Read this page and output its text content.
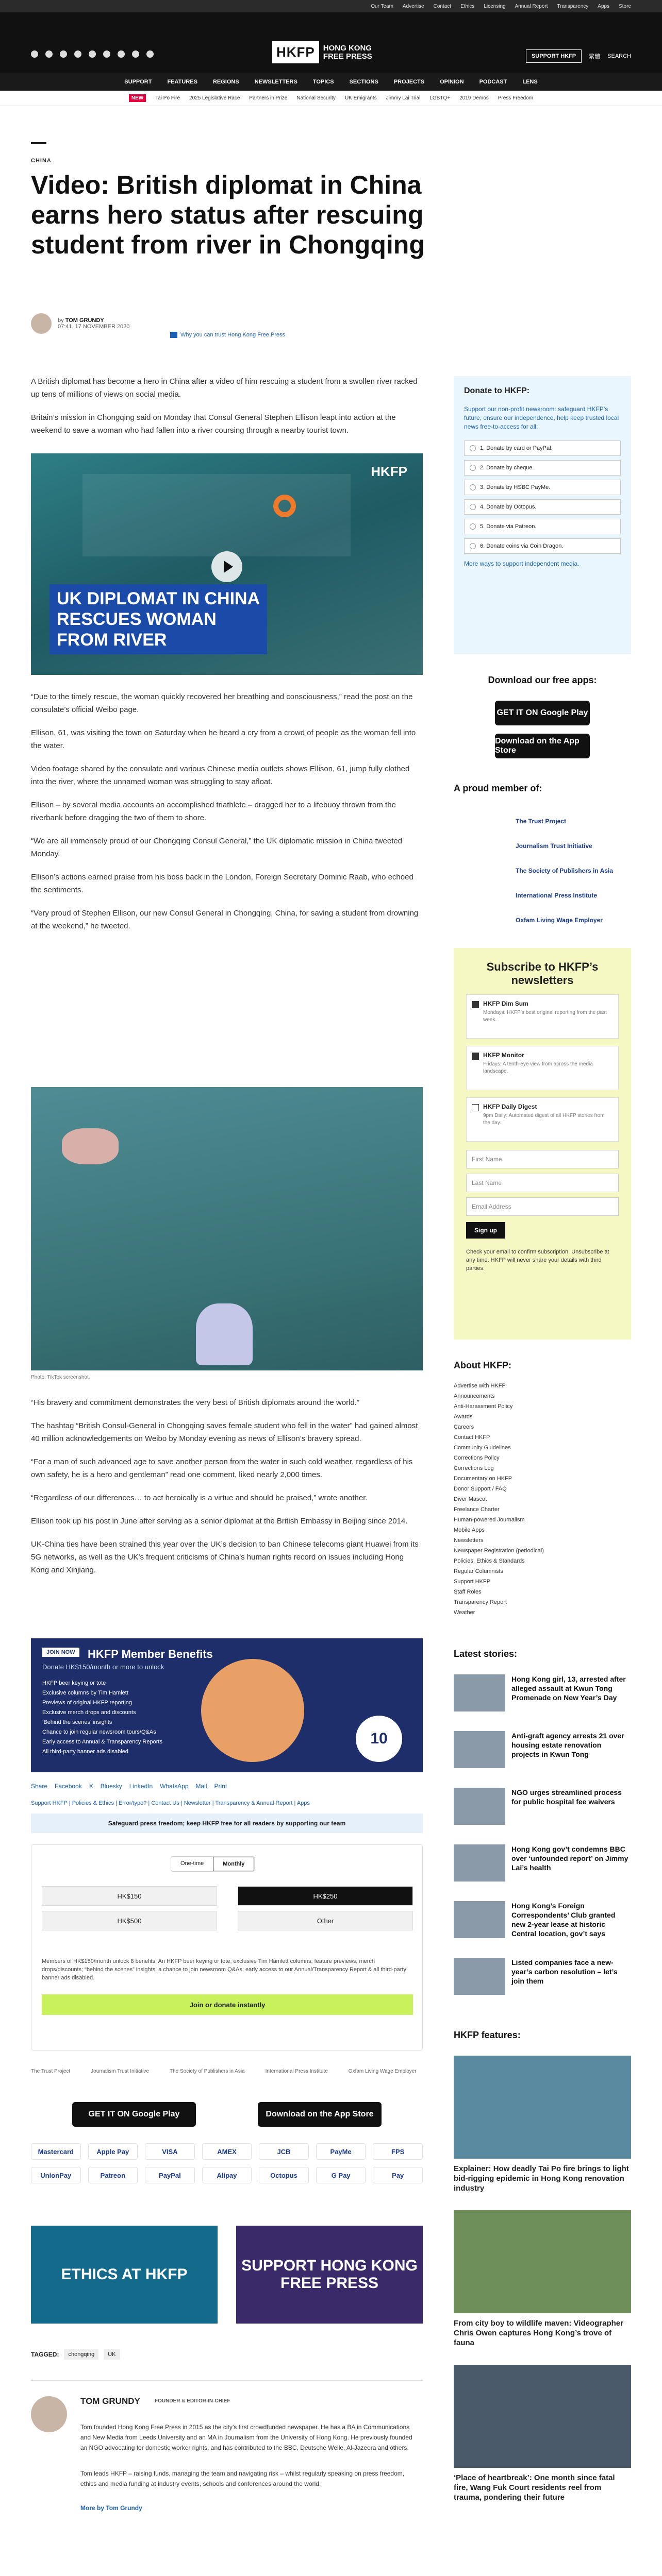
Our Team Advertise Contact Ethics Licensing Annual Report Transparency Apps Store
HKFP	HONG KONG
FREE PRESS	SUPPORT HKFP	繁體 SEARCH
SUPPORT	FEATURES	REGIONS	NEWSLETTERS	TOPICS	SECTIONS	PROJECTS	OPINION	PODCAST	LENS
NEW	Tai Po Fire 2025 Legislative Race Partners in Prize National Security UK Emigrants Jimmy Lai Trial LGBTQ+ 2019 Demos Press Freedom
CHINA
Video: British diplomat in China earns hero status after rescuing student from river in Chongqing
by TOM GRUNDY
07:41, 17 NOVEMBER 2020
Why you can trust Hong Kong Free Press

A British diplomat has become a hero in China after a video of him rescuing a student from a swollen river racked up tens of millions of views on social media.

Britain’s mission in Chongqing said on Monday that Consul General Stephen Ellison leapt into action at the weekend to save a woman who had fallen into a river coursing through a nearby tourist town.

HKFP
UK DIPLOMAT IN CHINA
RESCUES WOMAN
FROM RIVER

“Due to the timely rescue, the woman quickly recovered her breathing and consciousness,” read the post on the consulate’s official Weibo page.

Ellison, 61, was visiting the town on Saturday when he heard a cry from a crowd of people as the woman fell into the water.

Video footage shared by the consulate and various Chinese media outlets shows Ellison, 61, jump fully clothed into the river, where the unnamed woman was struggling to stay afloat.

Ellison – by several media accounts an accomplished triathlete – dragged her to a lifebuoy thrown from the riverbank before dragging the two of them to shore.

“We are all immensely proud of our Chongqing Consul General,” the UK diplomatic mission in China tweeted Monday.

Ellison’s actions earned praise from his boss back in the London, Foreign Secretary Dominic Raab, who echoed the sentiments.

“Very proud of Stephen Ellison, our new Consul General in Chongqing, China, for saving a student from drowning at the weekend,” he tweeted.

Photo: TikTok screenshot.

“His bravery and commitment demonstrates the very best of British diplomats around the world.”

The hashtag “British Consul-General in Chongqing saves female student who fell in the water” had gained almost 40 million acknowledgements on Weibo by Monday evening as news of Ellison’s bravery spread.

“For a man of such advanced age to save another person from the water in such cold weather, regardless of his own safety, he is a hero and gentleman” read one comment, liked nearly 2,000 times.

“Regardless of our differences… to act heroically is a virtue and should be praised,” wrote another.

Ellison took up his post in June after serving as a senior diplomat at the British Embassy in Beijing since 2014.

UK-China ties have been strained this year over the UK’s decision to ban Chinese telecoms giant Huawei from its 5G networks, as well as the UK’s frequent criticisms of China’s human rights record on issues including Hong Kong and Xinjiang.

JOIN NOW	HKFP Member Benefits
Donate HK$150/month or more to unlock
HKFP beer keying or tote
Exclusive columns by Tim Hamlett
Previews of original HKFP reporting
Exclusive merch drops and discounts
‘Behind the scenes’ insights
Chance to join regular newsroom tours/Q&As
Early access to Annual & Transparency Reports
All third-party banner ads disabled
10
Share Facebook X Bluesky LinkedIn WhatsApp Mail Print
Support HKFP | Policies & Ethics | Error/typo? | Contact Us | Newsletter | Transparency & Annual Report | Apps
Safeguard press freedom; keep HKFP free for all readers by supporting our team
One-time	Monthly
HK$150	HK$250
HK$500	Other
Members of HK$150/month unlock 8 benefits: An HKFP beer keying or tote; exclusive Tim Hamlett columns; feature previews; merch drops/discounts; “behind the scenes” insights; a chance to join newsroom Q&As; early access to our Annual/Transparency Report & all third-party banner ads disabled.
Join or donate instantly
The Trust Project	Journalism Trust Initiative	The Society of Publishers in Asia	International Press Institute	Oxfam Living Wage Employer
GET IT ON Google Play	Download on the App Store
Mastercard	Apple Pay	VISA	AMEX	JCB	PayMe	FPS
UnionPay	Patreon	PayPal	Alipay	Octopus	G Pay	Pay
ETHICS AT HKFP
SUPPORT HONG KONG FREE PRESS
TAGGED:	chongqing	UK
TOM GRUNDY	FOUNDER & EDITOR-IN-CHIEF

Tom founded Hong Kong Free Press in 2015 as the city’s first crowdfunded newspaper. He has a BA in Communications and New Media from Leeds University and an MA in Journalism from the University of Hong Kong. He previously founded an NGO advocating for domestic worker rights, and has contributed to the BBC, Deutsche Welle, Al-Jazeera and others.

Tom leads HKFP – raising funds, managing the team and navigating risk – whilst regularly speaking on press freedom, ethics and media funding at industry events, schools and conferences around the world.

More by Tom Grundy
Donate to HKFP:
Support our non-profit newsroom: safeguard HKFP’s future, ensure our independence, help keep trusted local news free-to-access for all:
1. Donate by card or PayPal.
2. Donate by cheque.
3. Donate by HSBC PayMe.
4. Donate by Octopus.
5. Donate via Patreon.
6. Donate coins via Coin Dragon.
More ways to support independent media.
Download our free apps:
GET IT ON Google Play
Download on the App Store
A proud member of:
The Trust Project
Journalism Trust Initiative
The Society of Publishers in Asia
International Press Institute
Oxfam Living Wage Employer
Subscribe to HKFP’s newsletters
HKFP Dim Sum
Mondays: HKFP’s best original reporting from the past week.
HKFP Monitor
Fridays: A tenth-eye view from across the media landscape.
HKFP Daily Digest
9pm Daily: Automated digest of all HKFP stories from the day.
First Name
Last Name
Email Address
Sign up
Check your email to confirm subscription. Unsubscribe at any time. HKFP will never share your details with third parties.
About HKFP:
Advertise with HKFP
Announcements
Anti-Harassment Policy
Awards
Careers
Contact HKFP
Community Guidelines
Corrections Policy
Corrections Log
Documentary on HKFP
Donor Support / FAQ
Diver Mascot
Freelance Charter
Human-powered Journalism
Mobile Apps
Newsletters
Newspaper Registration (periodical)
Policies, Ethics & Standards
Regular Columnists
Support HKFP
Staff Roles
Transparency Report
Weather
Latest stories:
Hong Kong girl, 13, arrested after alleged assault at Kwun Tong Promenade on New Year’s Day
Anti-graft agency arrests 21 over housing estate renovation projects in Kwun Tong
NGO urges streamlined process for public hospital fee waivers
Hong Kong gov’t condemns BBC over ‘unfounded report’ on Jimmy Lai’s health
Hong Kong’s Foreign Correspondents’ Club granted new 2-year lease at historic Central location, gov’t says
Listed companies face a new-year’s carbon resolution – let’s join them
HKFP features:
Explainer: How deadly Tai Po fire brings to light bid-rigging epidemic in Hong Kong renovation industry
From city boy to wildlife maven: Videographer Chris Owen captures Hong Kong’s trove of fauna
‘Place of heartbreak’: One month since fatal fire, Wang Fuk Court residents reel from trauma, pondering their future
